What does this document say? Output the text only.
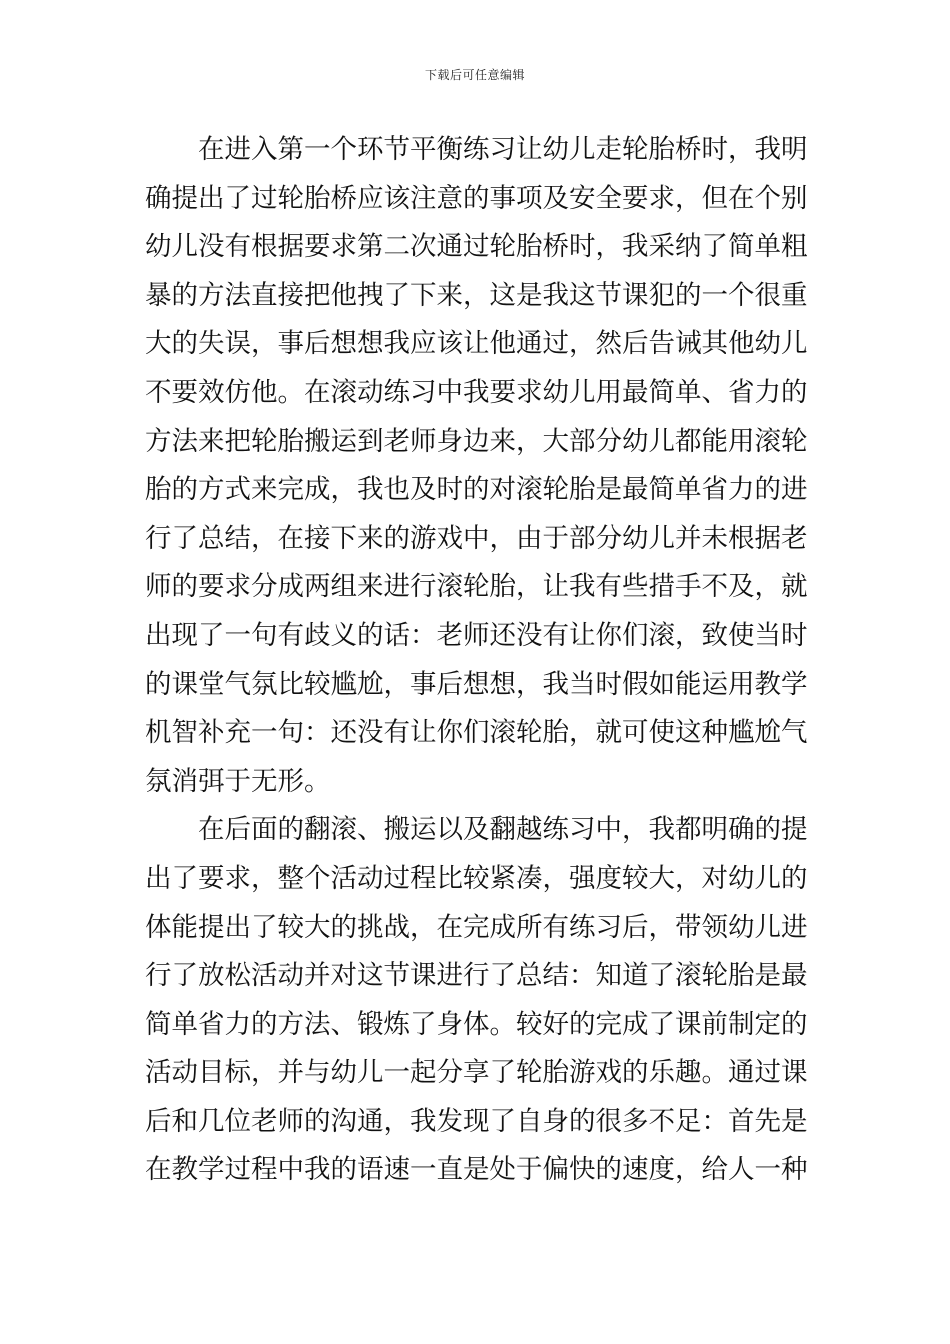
下载后可任意编辑
在进入第一个环节平衡练习让幼儿走轮胎桥时，我明
确提出了过轮胎桥应该注意的事项及安全要求，但在个别
幼儿没有根据要求第二次通过轮胎桥时，我采纳了简单粗
暴的方法直接把他拽了下来，这是我这节课犯的一个很重
大的失误，事后想想我应该让他通过，然后告诫其他幼儿
不要效仿他。在滚动练习中我要求幼儿用最简单、省力的
方法来把轮胎搬运到老师身边来，大部分幼儿都能用滚轮
胎的方式来完成，我也及时的对滚轮胎是最简单省力的进
行了总结，在接下来的游戏中，由于部分幼儿并未根据老
师的要求分成两组来进行滚轮胎，让我有些措手不及，就
出现了一句有歧义的话：老师还没有让你们滚，致使当时
的课堂气氛比较尴尬，事后想想，我当时假如能运用教学
机智补充一句：还没有让你们滚轮胎，就可使这种尴尬气
氛消弭于无形。
在后面的翻滚、搬运以及翻越练习中，我都明确的提
出了要求，整个活动过程比较紧凑，强度较大，对幼儿的
体能提出了较大的挑战，在完成所有练习后，带领幼儿进
行了放松活动并对这节课进行了总结：知道了滚轮胎是最
简单省力的方法、锻炼了身体。较好的完成了课前制定的
活动目标，并与幼儿一起分享了轮胎游戏的乐趣。通过课
后和几位老师的沟通，我发现了自身的很多不足：首先是
在教学过程中我的语速一直是处于偏快的速度，给人一种
